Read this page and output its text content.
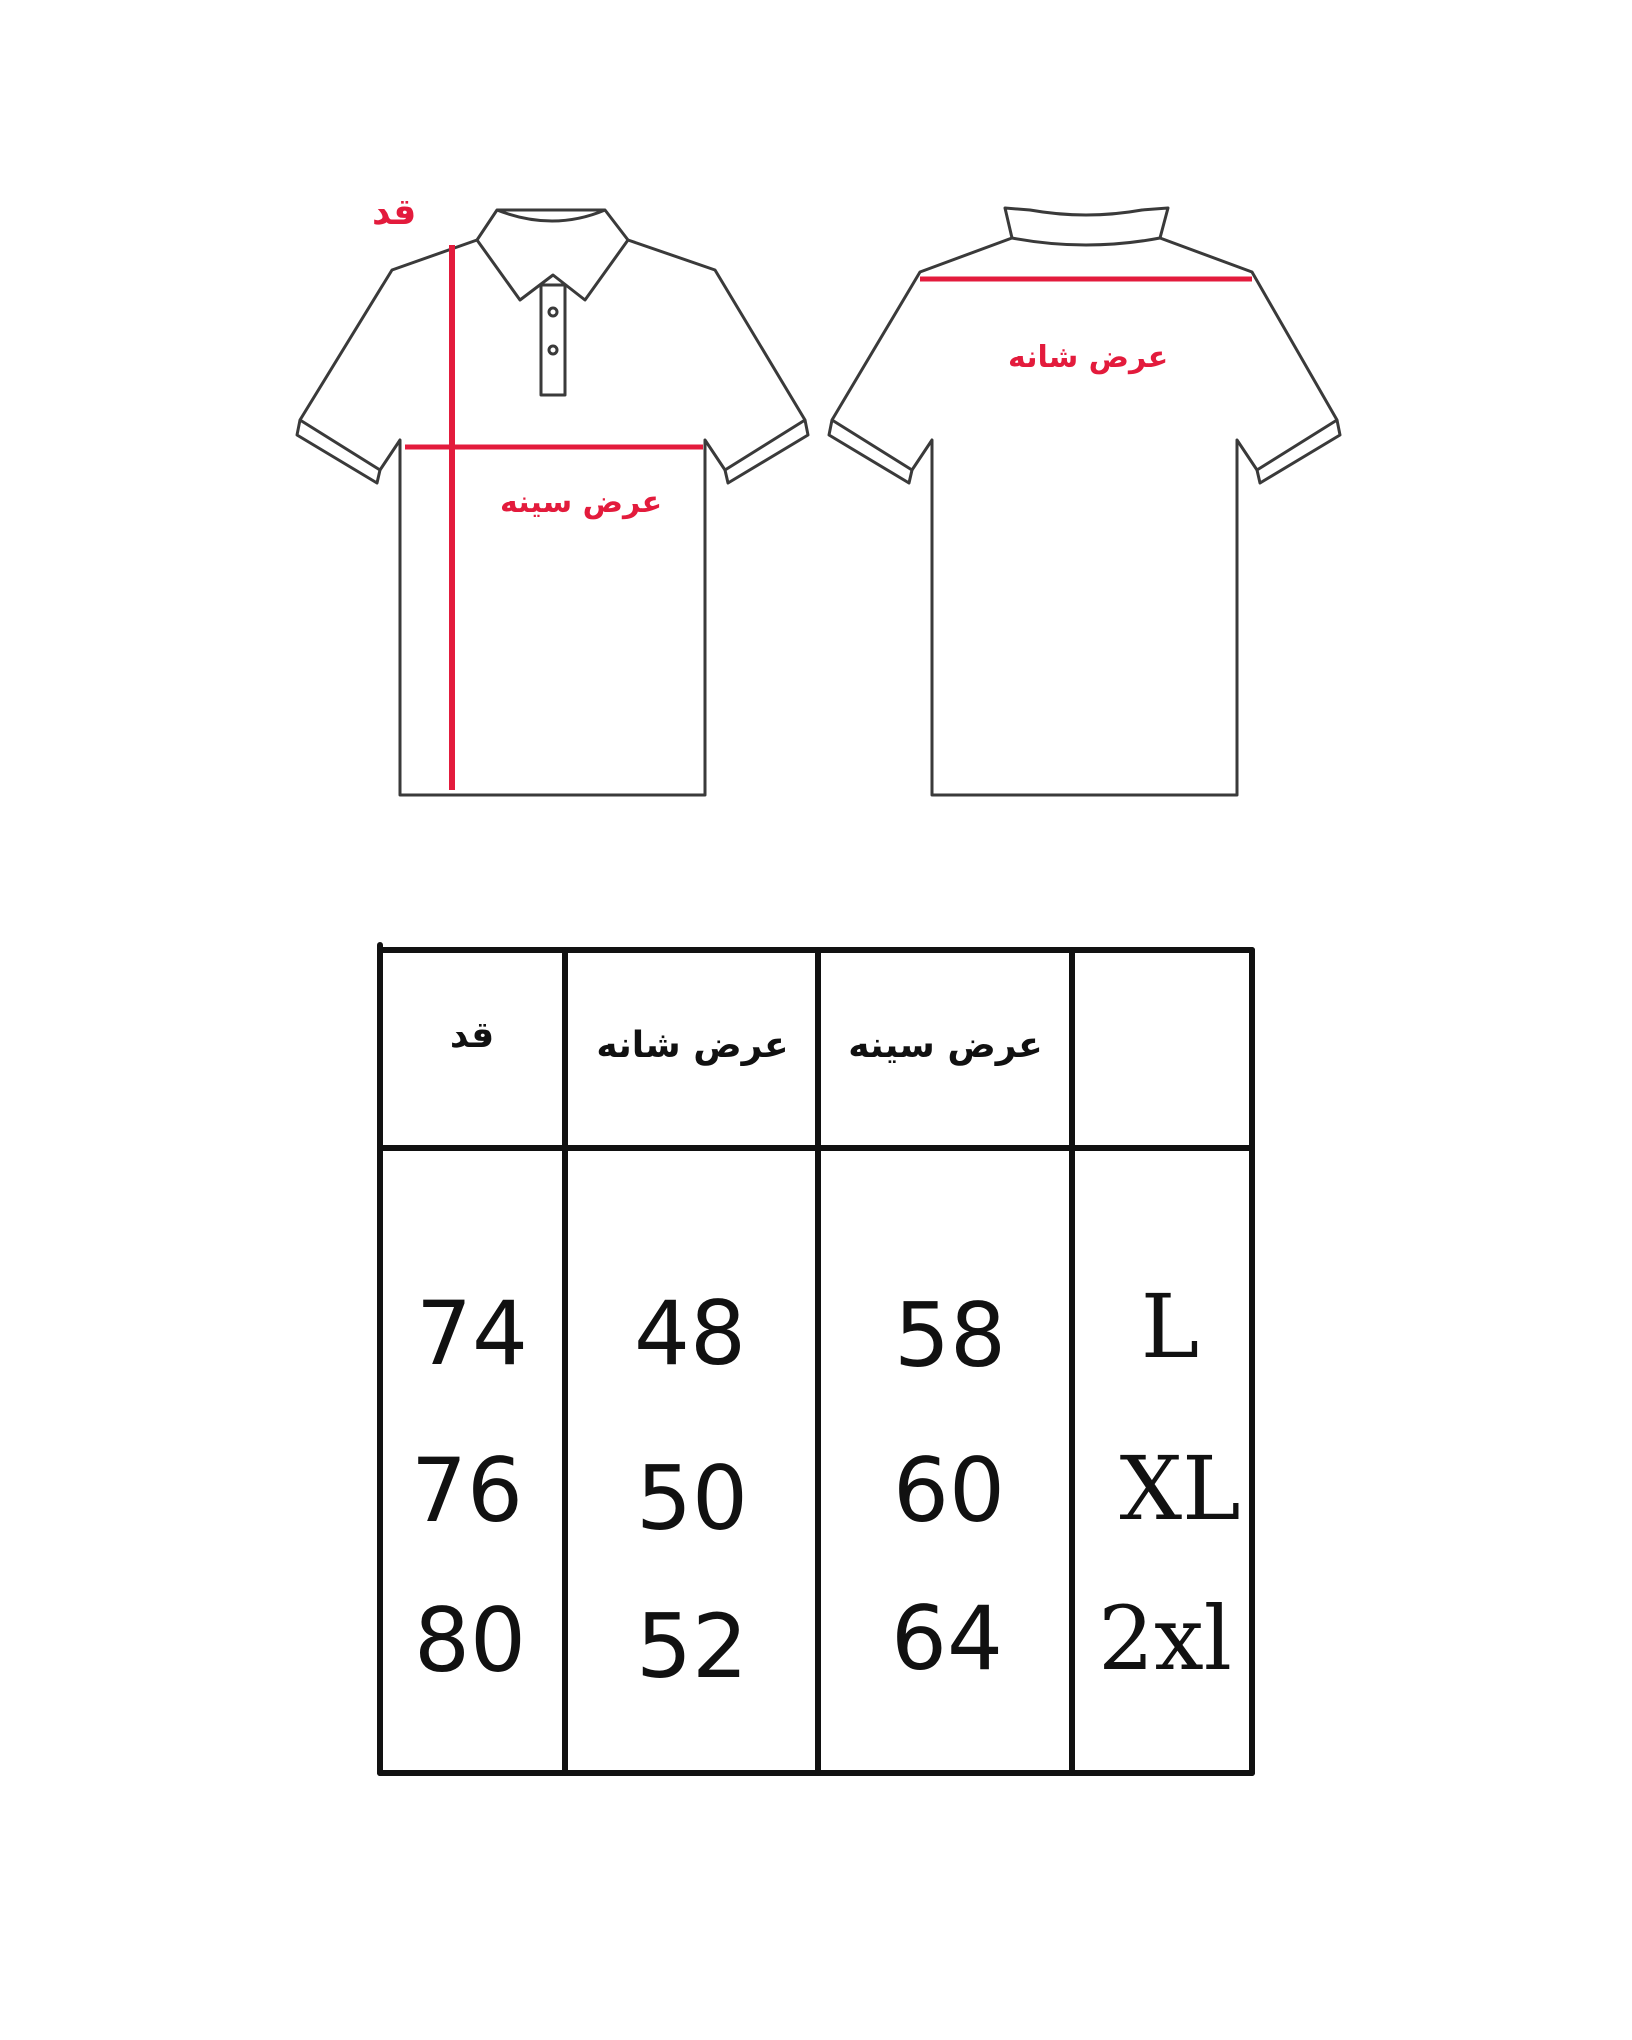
قد
عرض سینه
عرض شانه
قد	عرض شانه	عرض سینه
74	48	58	L
76	50	60	XL
80	52	64	2xl
